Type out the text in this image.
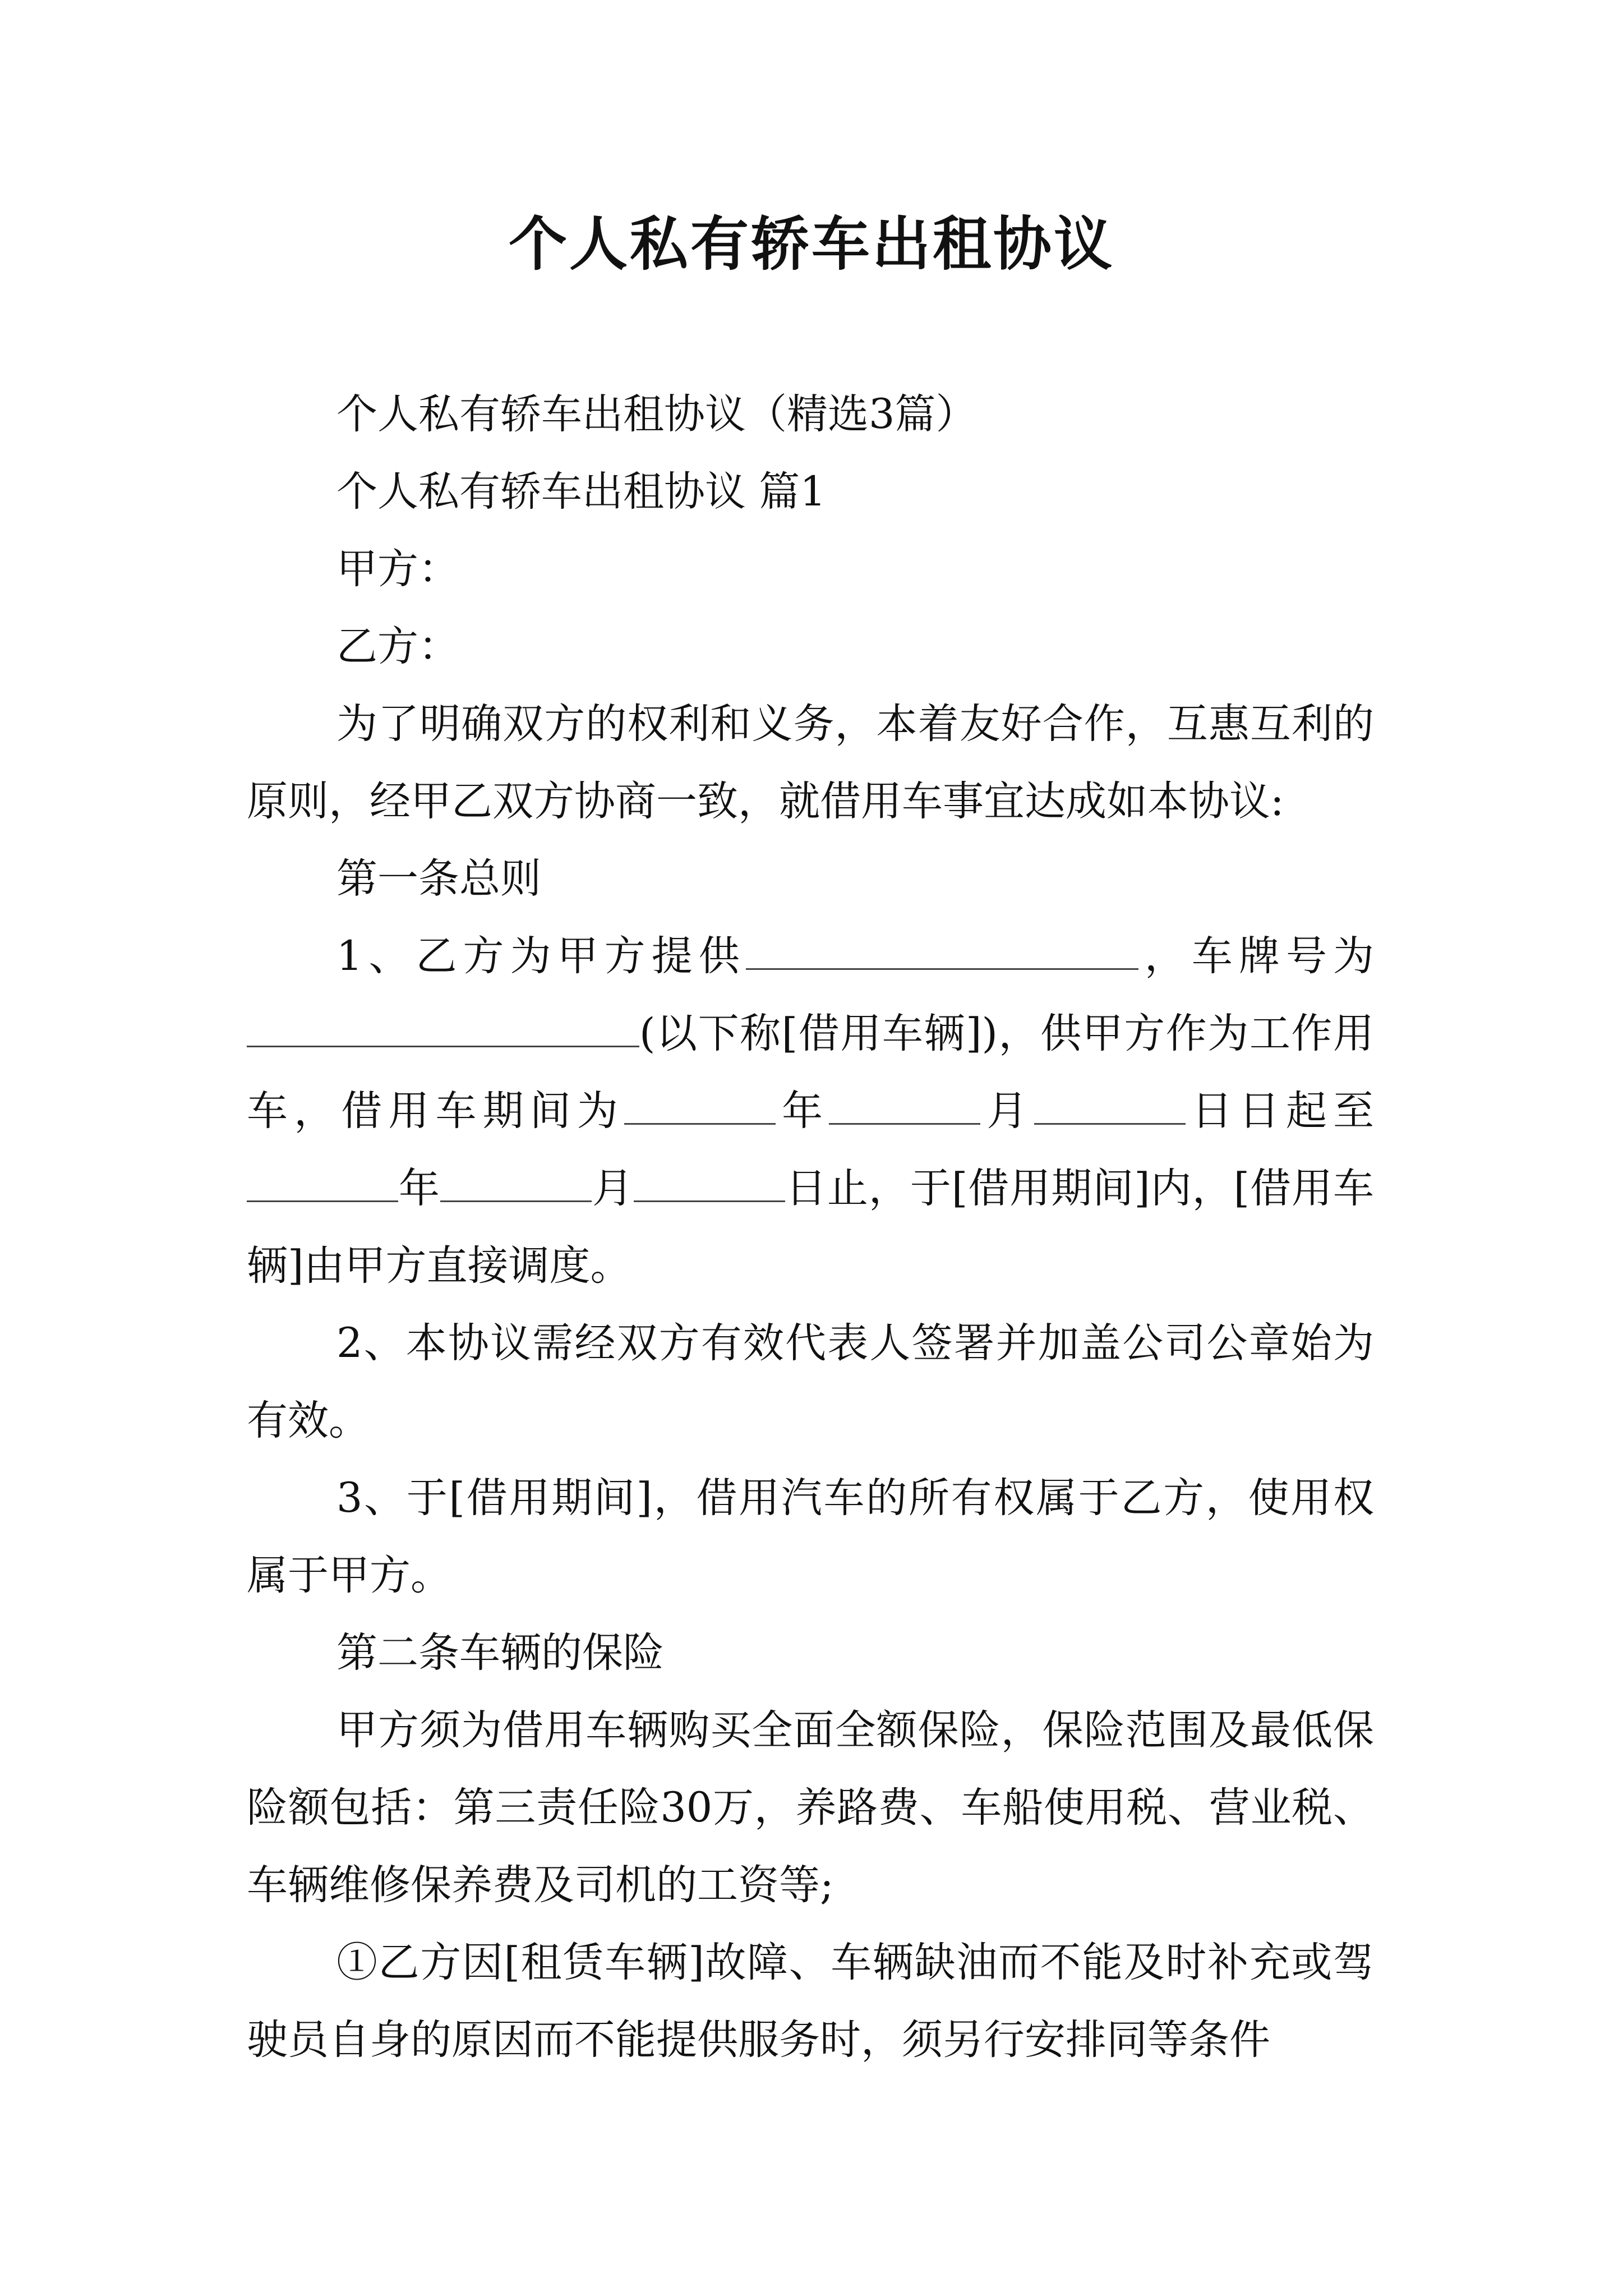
个人私有轿车出租协议

个人私有轿车出租协议（精选3篇）

个人私有轿车出租协议 篇1

甲方：

乙方：

为了明确双方的权利和义务，本着友好合作，互惠互利的原则，经甲乙双方协商一致，就借用车事宜达成如本协议:

第一条总则

1、乙方为甲方提供	，车牌号为(以下称[借用车辆])，供甲方作为工作用车，借用车期间为	年	月	日日起至年	月	日止，于[借用期间]内，[借用车辆]由甲方直接调度。

2、本协议需经双方有效代表人签署并加盖公司公章始为有效。

3、于[借用期间]，借用汽车的所有权属于乙方，使用权属于甲方。

第二条车辆的保险

甲方须为借用车辆购买全面全额保险，保险范围及最低保险额包括：第三责任险30万，养路费、车船使用税、营业税、车辆维修保养费及司机的工资等;

①乙方因[租赁车辆]故障、车辆缺油而不能及时补充或驾驶员自身的原因而不能提供服务时，须另行安排同等条件
